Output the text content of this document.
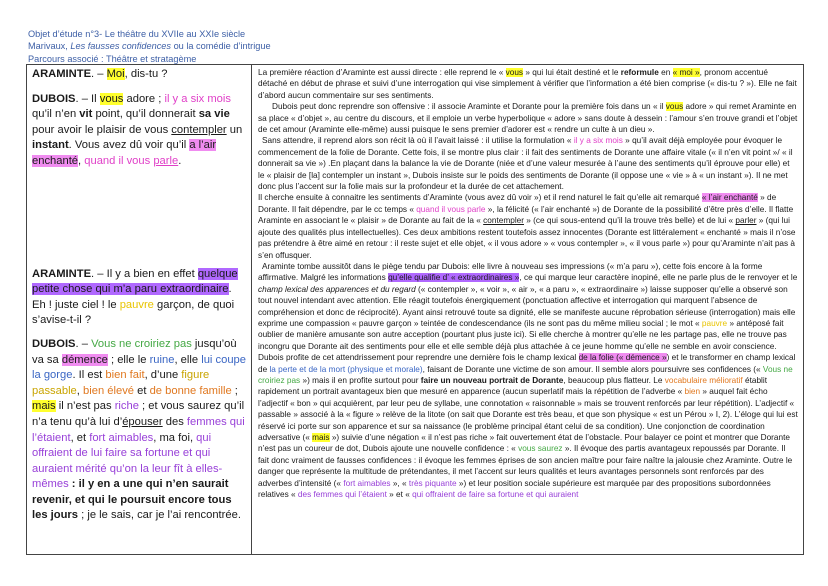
Objet d’étude n°3- Le théâtre du XVIIe au XXIe siècle
Marivaux, Les fausses confidences ou la comédie d’intrigue
Parcours associé : Théâtre et stratagème

ARAMINTE. – Moi, dis-tu ?

DUBOIS. – Il vous adore ; il y a six mois qu’il n’en vit point, qu’il donnerait sa vie pour avoir le plaisir de vous contempler un instant. Vous avez dû voir qu’il a l’air enchanté, quand il vous parle.

ARAMINTE. – Il y a bien en effet quelque petite chose qui m’a paru extraordinaire. Eh ! juste ciel ! le pauvre garçon, de quoi s’avise-t-il ?

DUBOIS. – Vous ne croiriez pas jusqu’où va sa démence ; elle le ruine, elle lui coupe la gorge. Il est bien fait, d’une figure passable, bien élevé et de bonne famille ; mais il n’est pas riche ; et vous saurez qu’il n’a tenu qu’à lui d’épouser des femmes qui l’étaient, et fort aimables, ma foi, qui offraient de lui faire sa fortune et qui auraient mérité qu’on la leur fît à elles-mêmes : il y en a une qui n’en saurait revenir, et qui le poursuit encore tous les jours ; je le sais, car je l’ai rencontrée.

La première réaction d’Araminte est aussi directe : elle reprend le « vous » qui lui était destiné et le reformule en « moi », pronom accentué détaché en début de phrase et suivi d’une interrogation qui vise simplement à vérifier que l’information a été bien comprise (« dis-tu ? »). Elle ne fait d’abord aucun commentaire sur ses sentiments.

Dubois peut donc reprendre son offensive : il associe Araminte et Dorante pour la première fois dans un « il vous adore » qui remet Araminte en sa place « d’objet », au centre du discours, et il emploie un verbe hyperbolique « adore » sans doute à dessein : l’amour s’en trouve grandi et l’objet de cet amour (Araminte elle-même) aussi puisque le sens premier d’adorer est « rendre un culte à un dieu ».

Sans attendre, il reprend alors son récit là où il l’avait laissé : il utilise la formulation « il y a six mois » qu’il avait déjà employée pour évoquer le commencement de la folie de Dorante. Cette fois, il se montre plus clair : il fait des sentiments de Dorante une affaire vitale (« il n’en vit point »/ « il donnerait sa vie ») .En plaçant dans la balance la vie de Dorante (niée et d’une valeur mesurée à l’aune des sentiments qu’il éprouve pour elle) et le « plaisir de [la] contempler un instant », Dubois insiste sur le poids des sentiments de Dorante (il oppose une « vie » à « un instant »). Il ne met donc plus l’accent sur la folie mais sur la profondeur et la durée de cet attachement.

Il cherche ensuite à connaitre les sentiments d’Araminte (vous avez dû voir ») et il rend naturel le fait qu’elle ait remarqué « l’air enchanté » de Dorante. Il fait dépendre, par le cc temps « quand il vous parle », la félicité (« l’air enchanté ») de Dorante de la possibilité d’être près d’elle. Il flatte Araminte en associant le « plaisir » de Dorante au fait de la « contempler » (ce qui sous-entend qu’il la trouve très belle) et de lui « parler » (qui lui ajoute des qualités plus intellectuelles). Ces deux ambitions restent toutefois assez innocentes (Dorante est littéralement « enchanté » mais il n’ose pas prétendre à être aimé en retour : il reste sujet et elle objet, « il vous adore » « vous contempler », « il vous parle ») pour qu’Araminte n’ait pas à s’en offusquer.

Araminte tombe aussitôt dans le piège tendu par Dubois: elle livre à nouveau ses impressions (« m’a paru »), cette fois encore à la forme affirmative. Malgré les informations qu’elle qualifie d’ « extraordinaires », ce qui marque leur caractère inopiné, elle ne parle plus de le renvoyer et le champ lexical des apparences et du regard (« contempler », « voir », « air », « a paru », « extraordinaire ») laisse supposer qu’elle a observé son tout nouvel intendant avec attention. Elle réagit toutefois énergiquement (ponctuation affective et interrogation qui marquent l’absence de compréhension et donc de réciprocité). Ayant ainsi retrouvé toute sa dignité, elle se manifeste aucune réprobation sérieuse (interrogation) mais elle exprime une compassion « pauvre garçon » teintée de condescendance (ils ne sont pas du même milieu social ; le mot « pauvre » antéposé fait oublier de manière amusante son autre acception (pourtant plus juste ici). Si elle cherche à montrer qu’elle ne les partage pas, elle ne trouve pas incongru que Dorante ait des sentiments pour elle et elle semble déjà plus attachée à ce jeune homme qu’elle ne semble en avoir conscience.

Dubois profite de cet attendrissement pour reprendre une dernière fois le champ lexical de la folie (« démence ») et le transformer en champ lexical de la perte et de la mort (physique et morale), faisant de Dorante une victime de son amour. Il semble alors poursuivre ses confidences (« Vous ne croiriez pas ») mais il en profite surtout pour faire un nouveau portrait de Dorante, beaucoup plus flatteur. Le vocabulaire mélioratif établit rapidement un portrait avantageux bien que mesuré en apparence (aucun superlatif mais la répétition de l’adverbe « bien » auquel fait écho l’adjectif « bon » qui acquièrent, par leur peu de syllabe, une connotation « raisonnable » mais se trouvent renforcés par leur répétition). L’adjectif « passable » associé à la « figure » relève de la litote (on sait que Dorante est très beau, et que son physique « est un Pérou » I, 2). L’éloge qui lui est réservé ici porte sur son apparence et sur sa naissance (le problème principal étant celui de sa condition). Une conjonction de coordination adversative (« mais ») suivie d’une négation « il n’est pas riche » fait ouvertement état de l’obstacle. Pour balayer ce point et montrer que Dorante n’est pas un coureur de dot, Dubois ajoute une nouvelle confidence : « vous saurez ». Il évoque des partis avantageux repoussés par Dorante. Il fait donc vraiment de fausses confidences : il évoque les femmes éprises de son ancien maître pour faire naître la jalousie chez Araminte. Outre le danger que représente la multitude de prétendantes, il met l’accent sur leurs qualités et leurs avantages personnels sont renforcés par des adverbes d’intensité (« fort aimables », « très piquante ») et leur position sociale supérieure est marquée par des propositions subordonnées relatives « des femmes qui l’étaient » et « qui offraient de faire sa fortune et qui auraient
